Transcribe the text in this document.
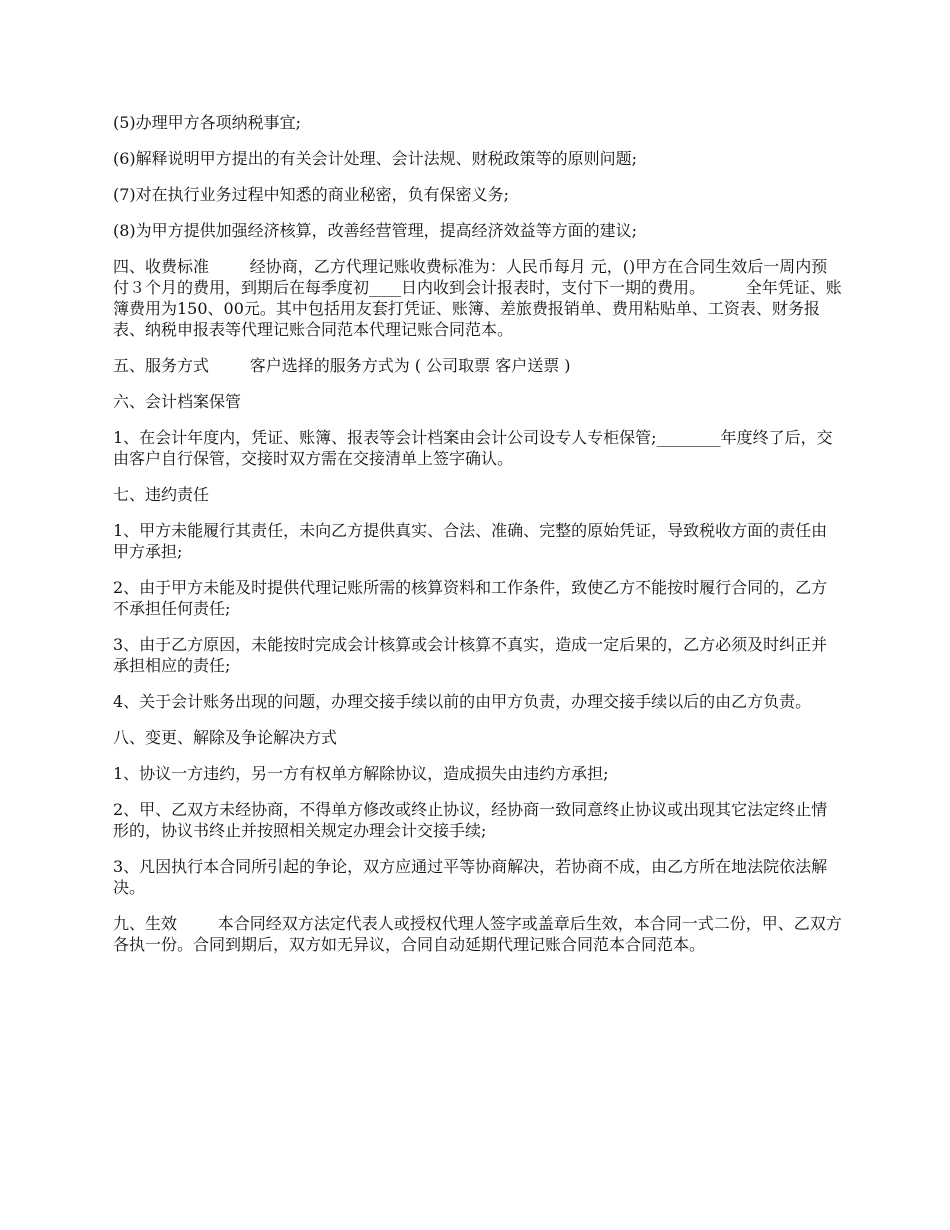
(5)办理甲方各项纳税事宜;

(6)解释说明甲方提出的有关会计处理、会计法规、财税政策等的原则问题;

(7)对在执行业务过程中知悉的商业秘密，负有保密义务;

(8)为甲方提供加强经济核算，改善经营管理，提高经济效益等方面的建议;

四、收费标准        经协商，乙方代理记账收费标准为：人民币每月 元，()甲方在合同生效后一周内预付３个月的费用，到期后在每季度初____日内收到会计报表时，支付下一期的费用。        全年凭证、账簿费用为150、00元。其中包括用友套打凭证、账簿、差旅费报销单、费用粘贴单、工资表、财务报表、纳税申报表等代理记账合同范本代理记账合同范本。

五、服务方式        客户选择的服务方式为 ( 公司取票 客户送票 )

六、会计档案保管

1、在会计年度内，凭证、账簿、报表等会计档案由会计公司设专人专柜保管;________年度终了后，交由客户自行保管，交接时双方需在交接清单上签字确认。

七、违约责任

1、甲方未能履行其责任，未向乙方提供真实、合法、准确、完整的原始凭证，导致税收方面的责任由甲方承担;

2、由于甲方未能及时提供代理记账所需的核算资料和工作条件，致使乙方不能按时履行合同的，乙方不承担任何责任;

3、由于乙方原因，未能按时完成会计核算或会计核算不真实，造成一定后果的，乙方必须及时纠正并承担相应的责任;

4、关于会计账务出现的问题，办理交接手续以前的由甲方负责，办理交接手续以后的由乙方负责。

八、变更、解除及争论解决方式

1、协议一方违约，另一方有权单方解除协议，造成损失由违约方承担;

2、甲、乙双方未经协商，不得单方修改或终止协议，经协商一致同意终止协议或出现其它法定终止情形的，协议书终止并按照相关规定办理会计交接手续;

3、凡因执行本合同所引起的争论，双方应通过平等协商解决，若协商不成，由乙方所在地法院依法解决。

九、生效        本合同经双方法定代表人或授权代理人签字或盖章后生效，本合同一式二份，甲、乙双方各执一份。合同到期后，双方如无异议，合同自动延期代理记账合同范本合同范本。
